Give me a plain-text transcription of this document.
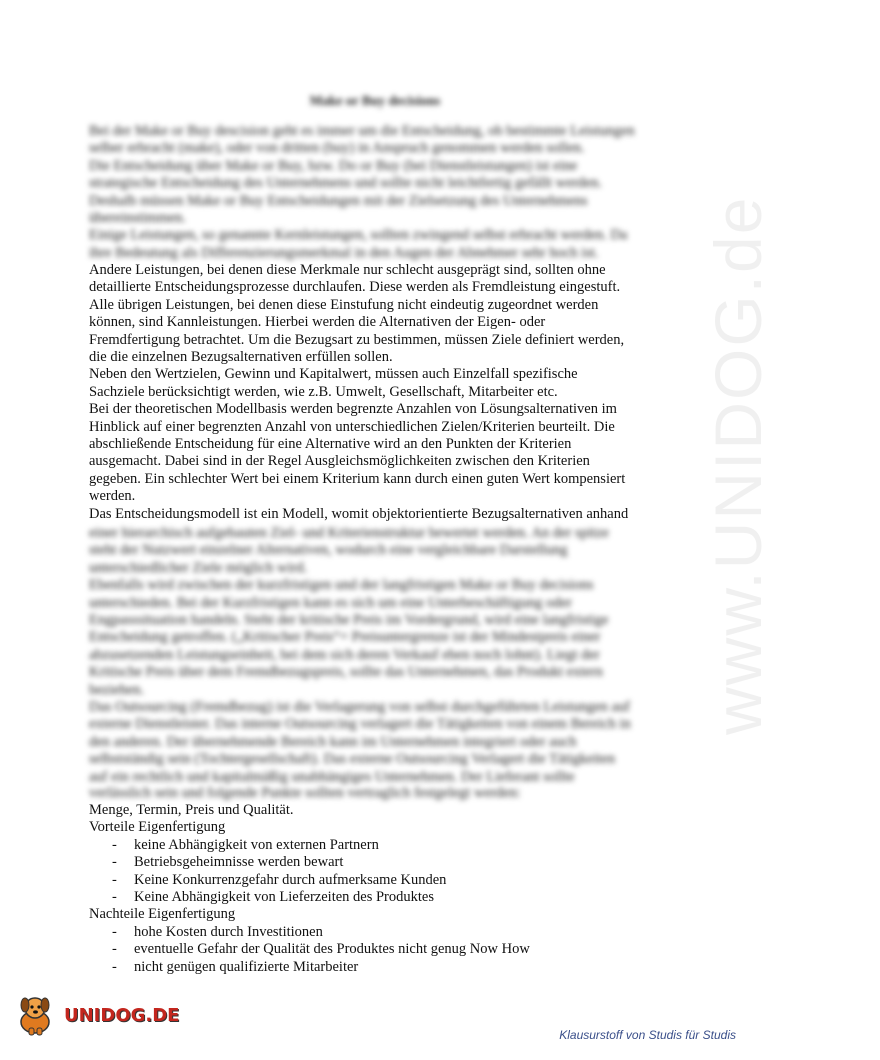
www.UNIDOG.de
Make or Buy decisions

Bei der Make or Buy descision geht es immer um die Entscheidung, ob bestimmte Leistungen

selber erbracht (make), oder von dritten (buy) in Anspruch genommen werden sollen.

Die Entscheidung über Make or Buy, bzw. Do or Buy (bei Dienstleistungen) ist eine

strategische Entscheidung des Unternehmens und sollte nicht leichtfertig gefällt werden.

Deshalb müssen Make or Buy Entscheidungen mit der Zielsetzung des Unternehmens

übereinstimmen.

Einige Leistungen, so genannte Kernleistungen, sollten zwingend selbst erbracht werden. Da

ihre Bedeutung als Differenzierungsmerkmal in den Augen der Abnehmer sehr hoch ist.

Andere Leistungen, bei denen diese Merkmale nur schlecht ausgeprägt sind, sollten ohne

detaillierte Entscheidungsprozesse durchlaufen. Diese werden als Fremdleistung eingestuft.

Alle übrigen Leistungen, bei denen diese Einstufung nicht eindeutig zugeordnet werden

können, sind Kannleistungen. Hierbei werden die Alternativen der Eigen- oder

Fremdfertigung betrachtet. Um die Bezugsart zu bestimmen, müssen Ziele definiert werden,

die die einzelnen Bezugsalternativen erfüllen sollen.

Neben den Wertzielen, Gewinn und Kapitalwert, müssen auch Einzelfall spezifische

Sachziele berücksichtigt werden, wie z.B. Umwelt, Gesellschaft, Mitarbeiter etc.

Bei der theoretischen Modellbasis werden begrenzte Anzahlen von Lösungsalternativen im

Hinblick auf einer begrenzten Anzahl von unterschiedlichen Zielen/Kriterien beurteilt. Die

abschließende Entscheidung für eine Alternative wird an den Punkten der Kriterien

ausgemacht. Dabei sind in der Regel Ausgleichsmöglichkeiten zwischen den Kriterien

gegeben. Ein schlechter Wert bei einem Kriterium kann durch einen guten Wert kompensiert

werden.

Das Entscheidungsmodell ist ein Modell, womit objektorientierte Bezugsalternativen anhand

einer hierarchisch aufgebauten Ziel- und Kriterienstruktur bewertet werden. An der spitze

steht der Nutzwert einzelner Alternativen, wodurch eine vergleichbare Darstellung

unterschiedlicher Ziele möglich wird.

Ebenfalls wird zwischen der kurzfristigen und der langfristigen Make or Buy decisions

unterschieden. Bei der Kurzfristigen kann es sich um eine Unterbeschäftigung oder

Engpasssituation handeln. Steht der kritische Preis im Vordergrund, wird eine langfristige

Entscheidung getroffen. („Kritischer Preis“= Preisuntergrenze ist der Mindestpreis einer

abzusetzenden Leistungseinheit, bei dem sich deren Verkauf eben noch lohnt). Liegt der

Kritische Preis über dem Fremdbezugspreis, sollte das Unternehmen, das Produkt extern

beziehen.

Das Outsourcing (Fremdbezug) ist die Verlagerung von selbst durchgeführten Leistungen auf

externe Dienstleister. Das interne Outsourcing verlagert die Tätigkeiten von einem Bereich in

den anderen. Der übernehmende Bereich kann im Unternehmen integriert oder auch

selbstständig sein (Tochtergesellschaft). Das externe Outsourcing Verlagert die Tätigkeiten

auf ein rechtlich und kapitalmäßig unabhängiges Unternehmen. Der Lieferant sollte

verlässlich sein und folgende Punkte sollten vertraglich festgelegt werden:

Menge, Termin, Preis und Qualität.

Vorteile Eigenfertigung

- keine Abhängigkeit von externen Partnern
- Betriebsgeheimnisse werden bewart
- Keine Konkurrenzgefahr durch aufmerksame Kunden
- Keine Abhängigkeit von Lieferzeiten des Produktes

Nachteile Eigenfertigung

- hohe Kosten durch Investitionen
- eventuelle Gefahr der Qualität des Produktes nicht genug Now How
- nicht genügen qualifizierte Mitarbeiter
UNIDOG.DE
Klausurstoff von Studis für Studis
